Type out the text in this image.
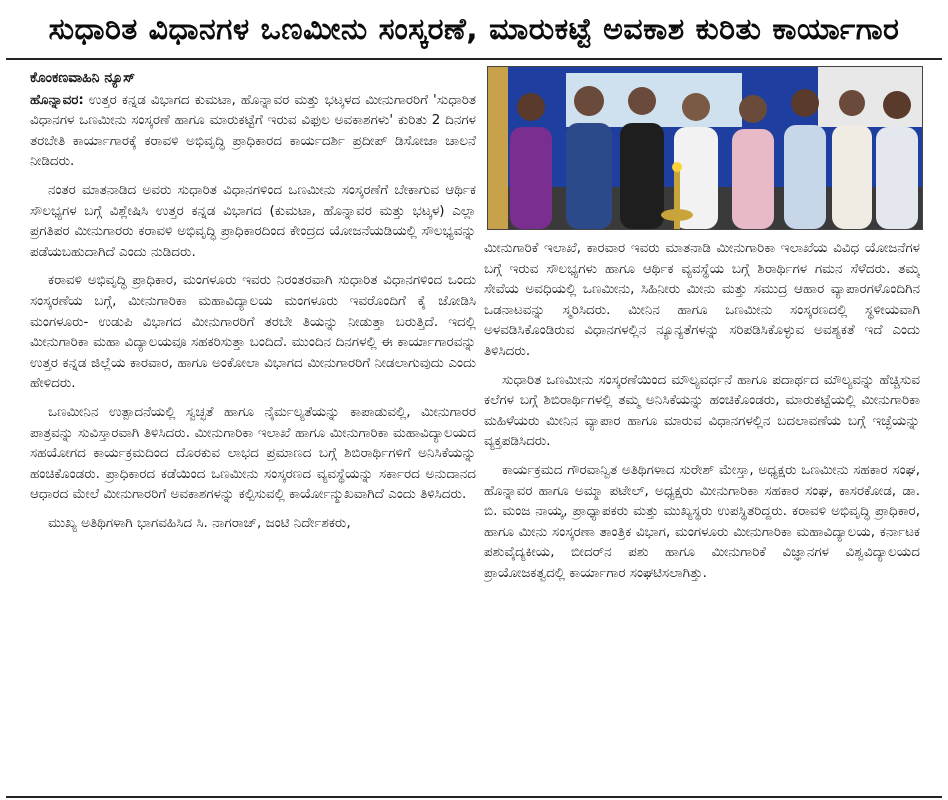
ಸುಧಾರಿತ ವಿಧಾನಗಳ ಒಣಮೀನು ಸಂಸ್ಕರಣೆ, ಮಾರುಕಟ್ಟೆ ಅವಕಾಶ ಕುರಿತು ಕಾರ್ಯಾಗಾರ
ಕೊಂಕಣವಾಹಿನಿ ನ್ಯೂಸ್

ಹೊನ್ನಾವರ: ಉತ್ತರ ಕನ್ನಡ ವಿಭಾಗದ ಕುಮಟಾ, ಹೊನ್ನಾವರ ಮತ್ತು ಭಟ್ಕಳದ ಮೀನುಗಾರರಿಗೆ 'ಸುಧಾರಿತ ವಿಧಾನಗಳ ಒಣಮೀನು ಸಂಸ್ಕರಣೆ ಹಾಗೂ ಮಾರುಕಟ್ಟೆಗೆ ಇರುವ ವಿಫುಲ ಅವಕಾಶಗಳು' ಕುರಿತು 2 ದಿನಗಳ ತರಬೇತಿ ಕಾರ್ಯಾಗಾರಕ್ಕೆ ಕರಾವಳಿ ಅಭಿವೃದ್ಧಿ ಪ್ರಾಧಿಕಾರದ ಕಾರ್ಯದರ್ಶಿ ಪ್ರದೀಪ್ ಡಿಸೋಜಾ ಚಾಲನೆ ನೀಡಿದರು.

ನಂತರ ಮಾತನಾಡಿದ ಅವರು ಸುಧಾರಿತ ವಿಧಾನಗಳಿಂದ ಒಣಮೀನು ಸಂಸ್ಕರಣೆಗೆ ಬೇಕಾಗುವ ಆರ್ಥಿಕ ಸೌಲಭ್ಯಗಳ ಬಗ್ಗೆ ವಿಶ್ಲೇಷಿಸಿ ಉತ್ತರ ಕನ್ನಡ ವಿಭಾಗದ (ಕುಮಟಾ, ಹೊನ್ನಾವರ ಮತ್ತು ಭಟ್ಕಳ) ಎಲ್ಲಾ ಪ್ರಗತಿಪರ ಮೀನುಗಾರರು ಕರಾವಳಿ ಅಭಿವೃದ್ಧಿ ಪ್ರಾಧಿಕಾರದಿಂದ ಕೇಂದ್ರದ ಯೋಜನೆಯಡಿಯಲ್ಲಿ ಸೌಲಭ್ಯವನ್ನು ಪಡೆಯಬಹುದಾಗಿದೆ ಎಂದು ನುಡಿದರು.

ಕರಾವಳಿ ಅಭಿವೃದ್ಧಿ ಪ್ರಾಧಿಕಾರ, ಮಂಗಳೂರು ಇವರು ನಿರಂತರವಾಗಿ ಸುಧಾರಿತ ವಿಧಾನಗಳಿಂದ ಒಂದು ಸಂಸ್ಕರಣೆಯ ಬಗ್ಗೆ, ಮೀನುಗಾರಿಕಾ ಮಹಾವಿದ್ಯಾಲಯ ಮಂಗಳೂರು ಇವರೊಂದಿಗೆ ಕೈ ಜೋಡಿಸಿ ಮಂಗಳೂರು- ಉಡುಪಿ ವಿಭಾಗದ ಮೀನುಗಾರರಿಗೆ ತರಬೇ ತಿಯನ್ನು ನೀಡುತ್ತಾ ಬರುತ್ತಿದೆ. ಇದಲ್ಲಿ ಮೀನುಗಾರಿಕಾ ಮಹಾ ವಿದ್ಯಾಲಯವೂ ಸಹಕರಿಸುತ್ತಾ ಬಂದಿದೆ. ಮುಂದಿನ ದಿನಗಳಲ್ಲಿ ಈ ಕಾರ್ಯಾಗಾರವನ್ನು ಉತ್ತರ ಕನ್ನಡ ಜಿಲ್ಲೆಯ ಕಾರವಾರ, ಹಾಗೂ ಅಂಕೋಲಾ ವಿಭಾಗದ ಮೀನುಗಾರರಿಗೆ ನೀಡಲಾಗುವುದು ಎಂದು ಹೇಳಿದರು.

ಒಣಮೀನಿನ ಉತ್ಪಾದನೆಯಲ್ಲಿ ಸ್ವಚ್ಛತೆ ಹಾಗೂ ನೈರ್ಮಲ್ಯತೆಯನ್ನು ಕಾಪಾಡುವಲ್ಲಿ, ಮೀನುಗಾರರ ಪಾತ್ರವನ್ನು ಸುವಿಸ್ತಾರವಾಗಿ ತಿಳಿಸಿದರು. ಮೀನುಗಾರಿಕಾ ಇಲಾಖೆ ಹಾಗೂ ಮೀನುಗಾರಿಕಾ ಮಹಾವಿದ್ಯಾಲಯದ ಸಹಯೋಗದ ಕಾರ್ಯಕ್ರಮದಿಂದ ದೊರಕುವ ಲಾಭದ ಪ್ರಮಾಣದ ಬಗ್ಗೆ ಶಿಬಿರಾರ್ಥಿಗಳಿಗೆ ಅನಿಸಿಕೆಯನ್ನು ಹಂಚಿಕೊಂಡರು. ಪ್ರಾಧಿಕಾರದ ಕಡೆಯಿಂದ ಒಣಮೀನು ಸಂಸ್ಕರಣದ ವ್ಯವಸ್ಥೆಯನ್ನು ಸರ್ಕಾರದ ಅನುದಾನದ ಆಧಾರದ ಮೇಲೆ ಮೀನುಗಾರರಿಗೆ ಅವಕಾಶಗಳನ್ನು ಕಲ್ಪಿಸುವಲ್ಲಿ ಕಾರ್ಯೋನ್ಮುಖವಾಗಿದೆ ಎಂದು ತಿಳಿಸಿದರು.

ಮುಖ್ಯ ಅತಿಥಿಗಳಾಗಿ ಭಾಗವಹಿಸಿದ ಸಿ. ನಾಗರಾಜ್, ಜಂಟಿ ನಿರ್ದೇಶಕರು,

ಮೀನುಗಾರಿಕೆ ಇಲಾಖೆ, ಕಾರವಾರ ಇವರು ಮಾತನಾಡಿ ಮೀನುಗಾರಿಕಾ ಇಲಾಖೆಯ ವಿವಿಧ ಯೋಜನೆಗಳ ಬಗ್ಗೆ ಇರುವ ಸೌಲಭ್ಯಗಳು ಹಾಗೂ ಆರ್ಥಿಕ ವ್ಯವಸ್ಥೆಯ ಬಗ್ಗೆ ಶಿರಾರ್ಥಿಗಳ ಗಮನ ಸೆಳೆದರು. ತಮ್ಮ ಸೇವೆಯ ಅವಧಿಯಲ್ಲಿ ಒಣಮೀನು, ಸಿಹಿನೀರು ಮೀನು ಮತ್ತು ಸಮುದ್ರ ಆಹಾರ ವ್ಯಾಪಾರಗಳೊಂದಿಗಿನ ಒಡನಾಟವನ್ನು ಸ್ಮರಿಸಿದರು. ಮೀನಿನ ಹಾಗೂ ಒಣಮೀನು ಸಂಸ್ಕರಣದಲ್ಲಿ ಸ್ಥಳೀಯವಾಗಿ ಅಳವಡಿಸಿಕೊಂಡಿರುವ ವಿಧಾನಗಳಲ್ಲಿನ ನ್ಯೂನ್ಯತೆಗಳನ್ನು ಸರಿಪಡಿಸಿಕೊಳ್ಳುವ ಅವಶ್ಯಕತೆ ಇದೆ ಎಂದು ತಿಳಿಸಿದರು.

ಸುಧಾರಿತ ಒಣಮೀನು ಸಂಸ್ಕರಣೆಯಿಂದ ಮೌಲ್ಯವರ್ಧನೆ ಹಾಗೂ ಪದಾರ್ಥದ ಮೌಲ್ಯವನ್ನು ಹೆಚ್ಚಿಸುವ ಕಲೆಗಳ ಬಗ್ಗೆ ಶಿಬಿರಾರ್ಥಿಗಳಲ್ಲಿ ತಮ್ಮ ಅನಿಸಿಕೆಯನ್ನು ಹಂಚಿಕೊಂಡರು, ಮಾರುಕಟ್ಟೆಯಲ್ಲಿ ಮೀನುಗಾರಿಕಾ ಮಹಿಳೆಯರು ಮೀನಿನ ವ್ಯಾಪಾರ ಹಾಗೂ ಮಾರುವ ವಿಧಾನಗಳಲ್ಲಿನ ಬದಲಾವಣೆಯ ಬಗ್ಗೆ ಇಚ್ಛೆಯನ್ನು ವ್ಯಕ್ತಪಡಿಸಿದರು.

ಕಾರ್ಯಕ್ರಮದ ಗೌರವಾನ್ವಿತ ಅತಿಥಿಗಳಾದ ಸುರೇಶ್ ಮೇಸ್ತಾ, ಅಧ್ಯಕ್ಷರು ಒಣಮೀನು ಸಹಕಾರ ಸಂಘ, ಹೊನ್ನಾವರ ಹಾಗೂ ಅಮ್ಮಾ ಪಟೇಲ್, ಅಧ್ಯಕ್ಷರು ಮೀನುಗಾರಿಕಾ ಸಹಕಾರ ಸಂಘ, ಕಾಸರಕೋಡ, ಡಾ. ಬಿ. ಮಂಜ ನಾಯ್ಕ, ಪ್ರಾಧ್ಯಾಪಕರು ಮತ್ತು ಮುಖ್ಯಸ್ಥರು ಉಪಸ್ಥಿತರಿದ್ದರು. ಕರಾವಳಿ ಅಭಿವೃದ್ಧಿ ಪ್ರಾಧಿಕಾರ, ಹಾಗೂ ಮೀನು ಸಂಸ್ಕರಣಾ ತಾಂತ್ರಿಕ ವಿಭಾಗ, ಮಂಗಳೂರು ಮೀನುಗಾರಿಕಾ ಮಹಾವಿದ್ಯಾಲಯ, ಕರ್ನಾಟಕ ಪಶುವೈದ್ಯಕೀಯ, ಬೀದರ್‌ನ ಪಶು ಹಾಗೂ ಮೀನುಗಾರಿಕೆ ವಿಜ್ಞಾನಗಳ ವಿಶ್ವವಿದ್ಯಾಲಯದ ಪ್ರಾಯೋಜಕತ್ವದಲ್ಲಿ ಕಾರ್ಯಾಗಾರ ಸಂಘಟಿಸಲಾಗಿತ್ತು.
